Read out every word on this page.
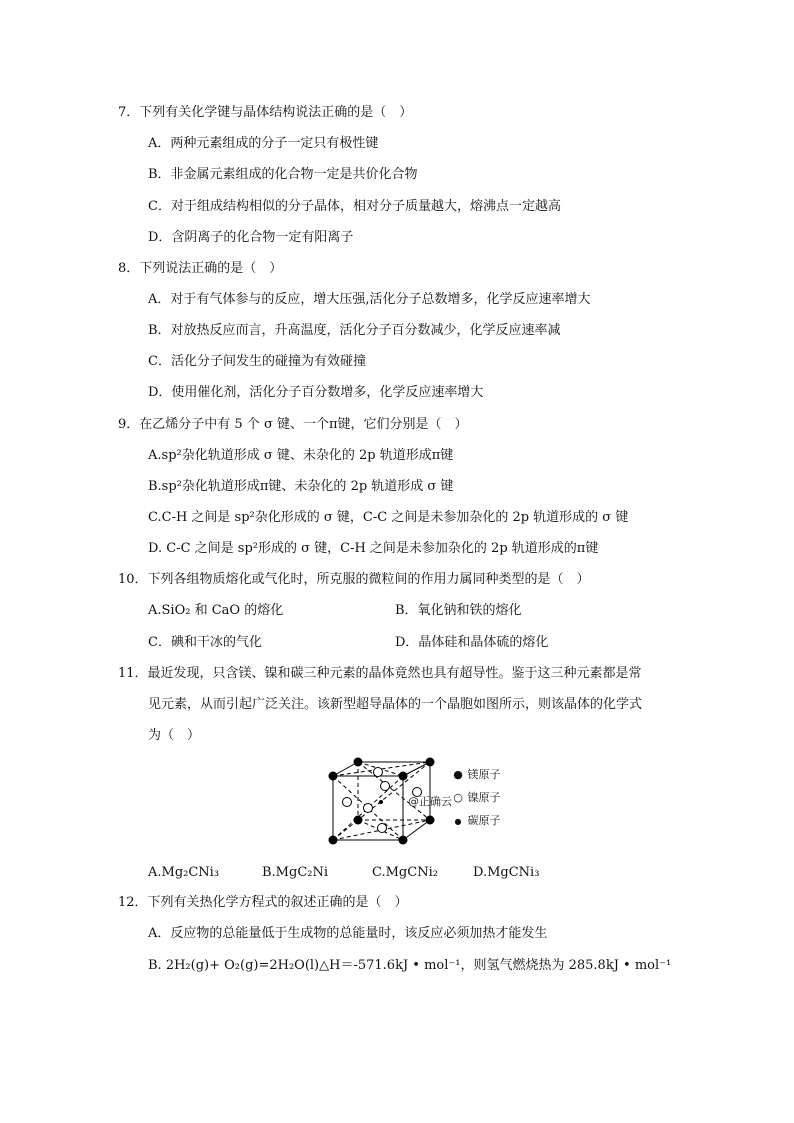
7．下列有关化学键与晶体结构说法正确的是（　）
A．两种元素组成的分子一定只有极性键
B．非金属元素组成的化合物一定是共价化合物
C．对于组成结构相似的分子晶体，相对分子质量越大，熔沸点一定越高
D．含阴离子的化合物一定有阳离子
8．下列说法正确的是（　）
A．对于有气体参与的反应，增大压强,活化分子总数增多，化学反应速率增大
B．对放热反应而言，升高温度，活化分子百分数减少，化学反应速率减
C．活化分子间发生的碰撞为有效碰撞
D．使用催化剂，活化分子百分数增多，化学反应速率增大
9．在乙烯分子中有 5 个 σ 键、一个π键，它们分别是（　）
A.sp²杂化轨道形成 σ 键、未杂化的 2p 轨道形成π键
B.sp²杂化轨道形成π键、未杂化的 2p 轨道形成 σ 键
C.C-H 之间是 sp²杂化形成的 σ 键，C-C 之间是未参加杂化的 2p 轨道形成的 σ 键
D. C-C 之间是 sp²形成的 σ 键，C-H 之间是未参加杂化的 2p 轨道形成的π键
10．下列各组物质熔化或气化时，所克服的微粒间的作用力属同种类型的是（　）
A.SiO₂ 和 CaO 的熔化	B．氧化钠和铁的熔化
C．碘和干冰的气化	D．晶体硅和晶体硫的熔化
11．最近发现，只含镁、镍和碳三种元素的晶体竟然也具有超导性。鉴于这三种元素都是常
见元素，从而引起广泛关注。该新型超导晶体的一个晶胞如图所示，则该晶体的化学式
为（　）
@正确云
● 镁原子
○ 镍原子
● 碳原子
A.Mg₂CNi₃	B.MgC₂Ni	C.MgCNi₂	D.MgCNi₃
12．下列有关热化学方程式的叙述正确的是（　）
A．反应物的总能量低于生成物的总能量时，该反应必须加热才能发生
B. 2H₂(g)+ O₂(g)=2H₂O(l)△H＝-571.6kJ • mol⁻¹，则氢气燃烧热为 285.8kJ • mol⁻¹
